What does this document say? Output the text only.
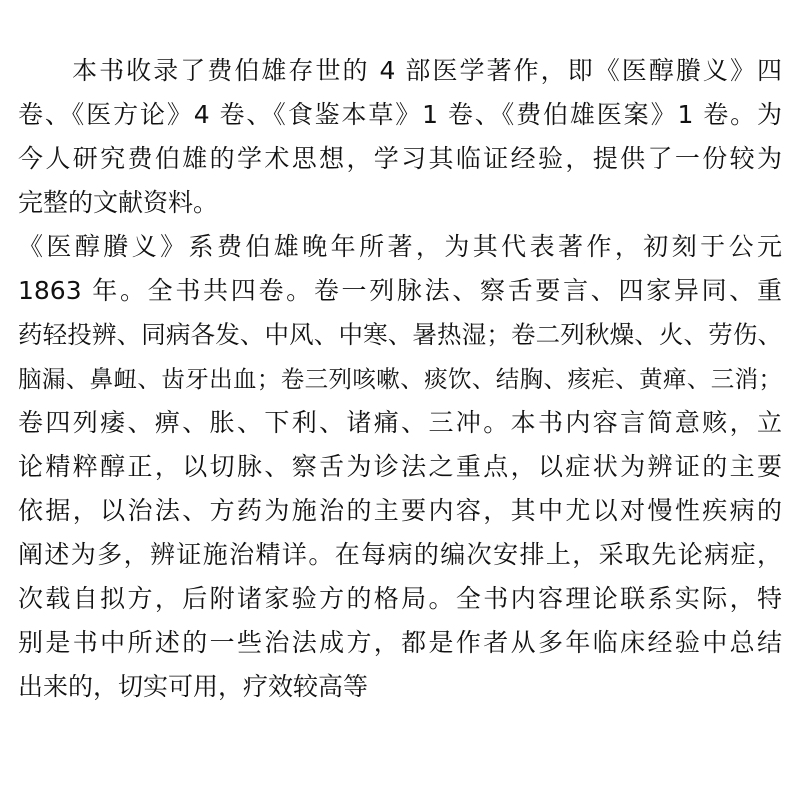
　　本书收录了费伯雄存世的 4 部医学著作，即《医醇賸义》四
卷、《医方论》4 卷、《食鉴本草》1 卷、《费伯雄医案》1 卷。为
今人研究费伯雄的学术思想，学习其临证经验，提供了一份较为
完整的文献资料。
《医醇賸义》系费伯雄晚年所著，为其代表著作，初刻于公元
1863 年。全书共四卷。卷一列脉法、察舌要言、四家异同、重
药轻投辨、同病各发、中风、中寒、暑热湿；卷二列秋燥、火、劳伤、
脑漏、鼻衄、齿牙出血；卷三列咳嗽、痰饮、结胸、痎疟、黄瘅、三消；
卷四列痿、痹、胀、下利、诸痛、三冲。本书内容言简意赅，立
论精粹醇正，以切脉、察舌为诊法之重点，以症状为辨证的主要
依据，以治法、方药为施治的主要内容，其中尤以对慢性疾病的
阐述为多，辨证施治精详。在每病的编次安排上，采取先论病症，
次载自拟方，后附诸家验方的格局。全书内容理论联系实际，特
别是书中所述的一些治法成方，都是作者从多年临床经验中总结
出来的，切实可用，疗效较高等
